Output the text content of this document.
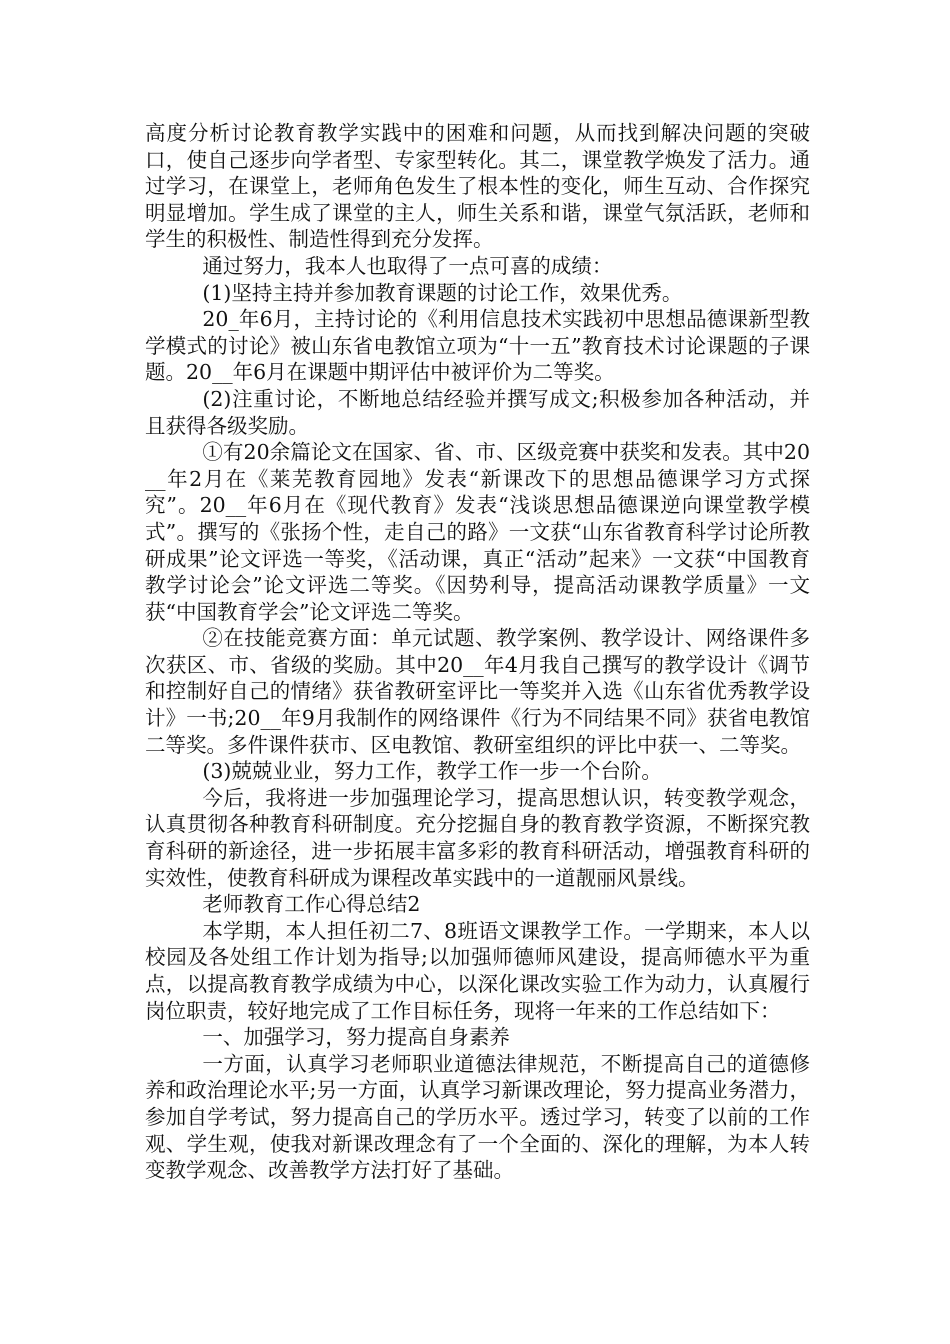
高度分析讨论教育教学实践中的困难和问题，从而找到解决问题的突破口，使自己逐步向学者型、专家型转化。其二，课堂教学焕发了活力。通过学习，在课堂上，老师角色发生了根本性的变化，师生互动、合作探究明显增加。学生成了课堂的主人，师生关系和谐，课堂气氛活跃，老师和学生的积极性、制造性得到充分发挥。

通过努力，我本人也取得了一点可喜的成绩：

(1)坚持主持并参加教育课题的讨论工作，效果优秀。

20_年6月，主持讨论的《利用信息技术实践初中思想品德课新型教学模式的讨论》被山东省电教馆立项为“十一五”教育技术讨论课题的子课题。20__年6月在课题中期评估中被评价为二等奖。

(2)注重讨论，不断地总结经验并撰写成文;积极参加各种活动，并且获得各级奖励。

①有20余篇论文在国家、省、市、区级竞赛中获奖和发表。其中20__年2月在《莱芜教育园地》发表“新课改下的思想品德课学习方式探究”。20__年6月在《现代教育》发表“浅谈思想品德课逆向课堂教学模式”。撰写的《张扬个性，走自己的路》一文获“山东省教育科学讨论所教研成果”论文评选一等奖，《活动课，真正“活动”起来》一文获“中国教育教学讨论会”论文评选二等奖。《因势利导，提高活动课教学质量》一文获“中国教育学会”论文评选二等奖。

②在技能竞赛方面：单元试题、教学案例、教学设计、网络课件多次获区、市、省级的奖励。其中20__年4月我自己撰写的教学设计《调节和控制好自己的情绪》获省教研室评比一等奖并入选《山东省优秀教学设计》一书;20__年9月我制作的网络课件《行为不同结果不同》获省电教馆二等奖。多件课件获市、区电教馆、教研室组织的评比中获一、二等奖。

(3)兢兢业业，努力工作，教学工作一步一个台阶。

今后，我将进一步加强理论学习，提高思想认识，转变教学观念，认真贯彻各种教育科研制度。充分挖掘自身的教育教学资源，不断探究教育科研的新途径，进一步拓展丰富多彩的教育科研活动，增强教育科研的实效性，使教育科研成为课程改革实践中的一道靓丽风景线。

老师教育工作心得总结2

本学期，本人担任初二7、8班语文课教学工作。一学期来，本人以校园及各处组工作计划为指导;以加强师德师风建设，提高师德水平为重点，以提高教育教学成绩为中心，以深化课改实验工作为动力，认真履行岗位职责，较好地完成了工作目标任务，现将一年来的工作总结如下：

一、加强学习，努力提高自身素养

一方面，认真学习老师职业道德法律规范，不断提高自己的道德修养和政治理论水平;另一方面，认真学习新课改理论，努力提高业务潜力，参加自学考试，努力提高自己的学历水平。透过学习，转变了以前的工作观、学生观，使我对新课改理念有了一个全面的、深化的理解，为本人转变教学观念、改善教学方法打好了基础。
